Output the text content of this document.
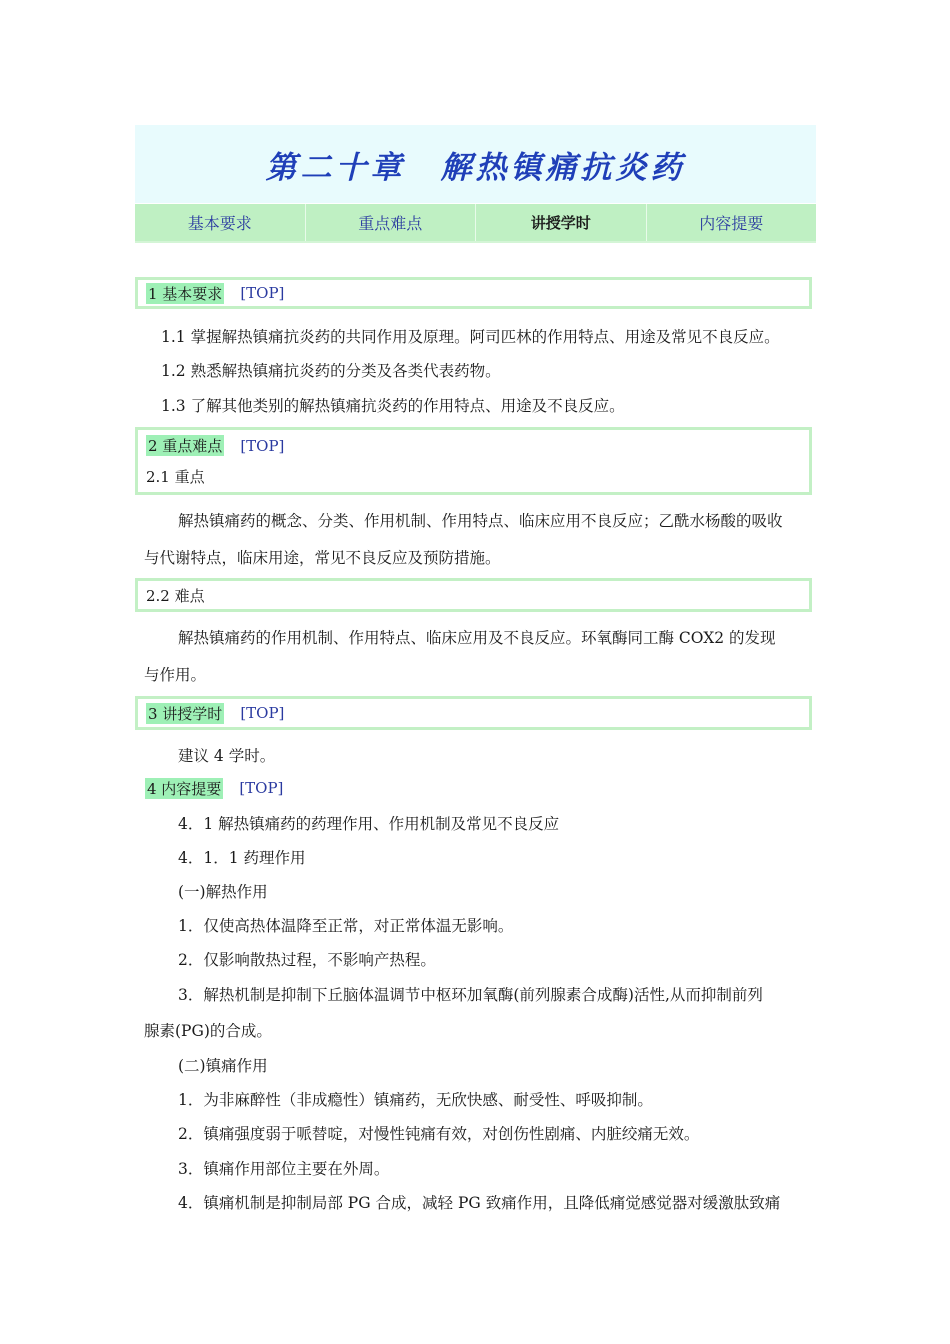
第二十章　解热镇痛抗炎药
基本要求	重点难点	讲授学时	内容提要
1 基本要求 [TOP]
1.1 掌握解热镇痛抗炎药的共同作用及原理。阿司匹林的作用特点、用途及常见不良反应。
1.2 熟悉解热镇痛抗炎药的分类及各类代表药物。
1.3 了解其他类别的解热镇痛抗炎药的作用特点、用途及不良反应。
2 重点难点 [TOP]
2.1 重点
解热镇痛药的概念、分类、作用机制、作用特点、临床应用不良反应；乙酰水杨酸的吸收
与代谢特点，临床用途，常见不良反应及预防措施。
2.2 难点
解热镇痛药的作用机制、作用特点、临床应用及不良反应。环氧酶同工酶 COX2 的发现
与作用。
3 讲授学时 [TOP]
建议 4 学时。
4 内容提要 [TOP]
4．1 解热镇痛药的药理作用、作用机制及常见不良反应
4．1．1 药理作用
(一)解热作用
1．仅使高热体温降至正常，对正常体温无影响。
2．仅影响散热过程，不影响产热程。
3．解热机制是抑制下丘脑体温调节中枢环加氧酶(前列腺素合成酶)活性,从而抑制前列
腺素(PG)的合成。
(二)镇痛作用
1．为非麻醉性（非成瘾性）镇痛药，无欣快感、耐受性、呼吸抑制。
2．镇痛强度弱于哌替啶，对慢性钝痛有效，对创伤性剧痛、内脏绞痛无效。
3．镇痛作用部位主要在外周。
4．镇痛机制是抑制局部 PG 合成，减轻 PG 致痛作用，且降低痛觉感觉器对缓激肽致痛
